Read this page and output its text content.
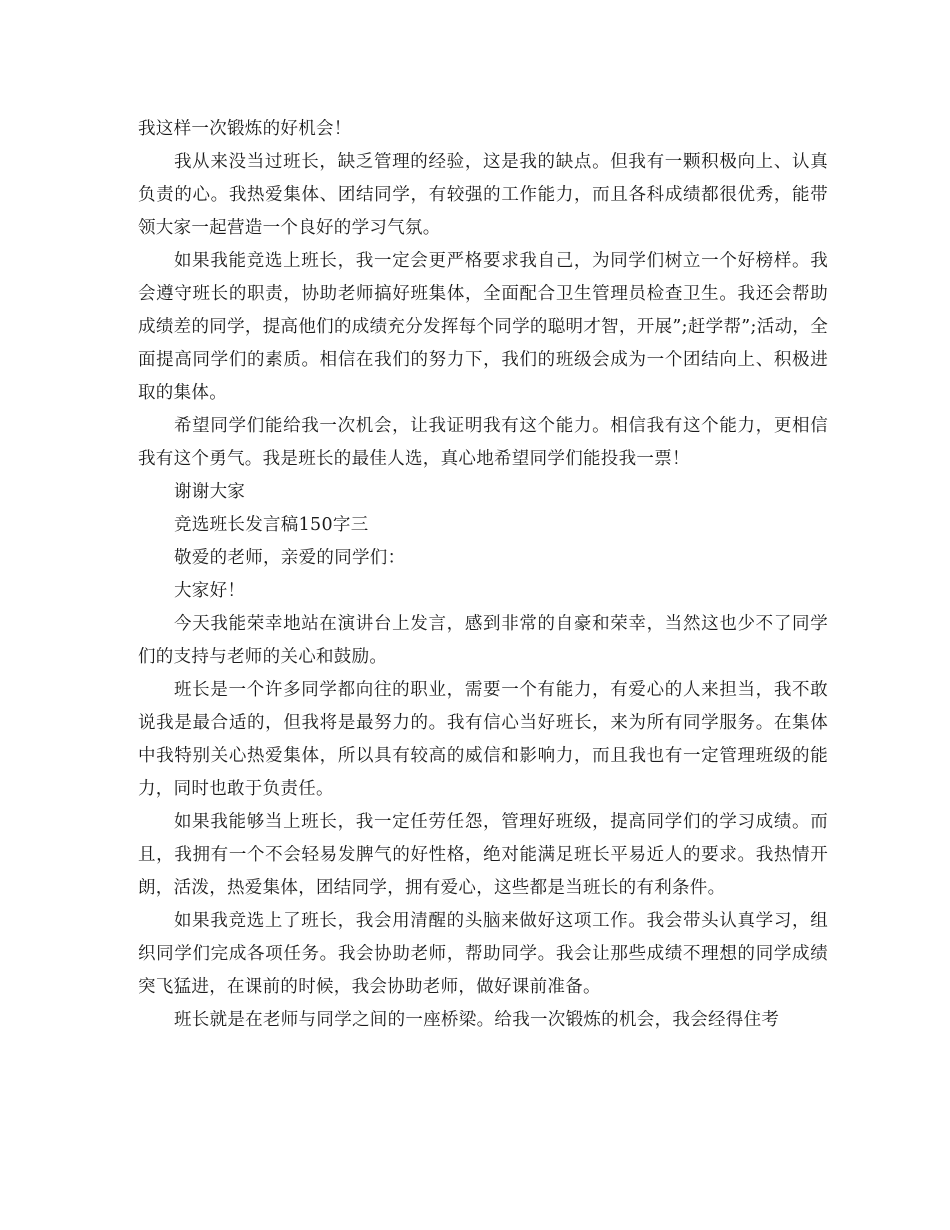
我这样一次锻炼的好机会！

我从来没当过班长，缺乏管理的经验，这是我的缺点。但我有一颗积极向上、认真负责的心。我热爱集体、团结同学，有较强的工作能力，而且各科成绩都很优秀，能带领大家一起营造一个良好的学习气氛。

如果我能竞选上班长，我一定会更严格要求我自己，为同学们树立一个好榜样。我会遵守班长的职责，协助老师搞好班集体，全面配合卫生管理员检查卫生。我还会帮助成绩差的同学，提高他们的成绩充分发挥每个同学的聪明才智，开展”;赶学帮”;活动，全面提高同学们的素质。相信在我们的努力下，我们的班级会成为一个团结向上、积极进取的集体。

希望同学们能给我一次机会，让我证明我有这个能力。相信我有这个能力，更相信我有这个勇气。我是班长的最佳人选，真心地希望同学们能投我一票！

谢谢大家

竞选班长发言稿150字三

敬爱的老师，亲爱的同学们：

大家好！

今天我能荣幸地站在演讲台上发言，感到非常的自豪和荣幸，当然这也少不了同学们的支持与老师的关心和鼓励。

班长是一个许多同学都向往的职业，需要一个有能力，有爱心的人来担当，我不敢说我是最合适的，但我将是最努力的。我有信心当好班长，来为所有同学服务。在集体中我特别关心热爱集体，所以具有较高的威信和影响力，而且我也有一定管理班级的能力，同时也敢于负责任。

如果我能够当上班长，我一定任劳任怨，管理好班级，提高同学们的学习成绩。而且，我拥有一个不会轻易发脾气的好性格，绝对能满足班长平易近人的要求。我热情开朗，活泼，热爱集体，团结同学，拥有爱心，这些都是当班长的有利条件。

如果我竞选上了班长，我会用清醒的头脑来做好这项工作。我会带头认真学习，组织同学们完成各项任务。我会协助老师，帮助同学。我会让那些成绩不理想的同学成绩突飞猛进，在课前的时候，我会协助老师，做好课前准备。

班长就是在老师与同学之间的一座桥梁。给我一次锻炼的机会，我会经得住考
